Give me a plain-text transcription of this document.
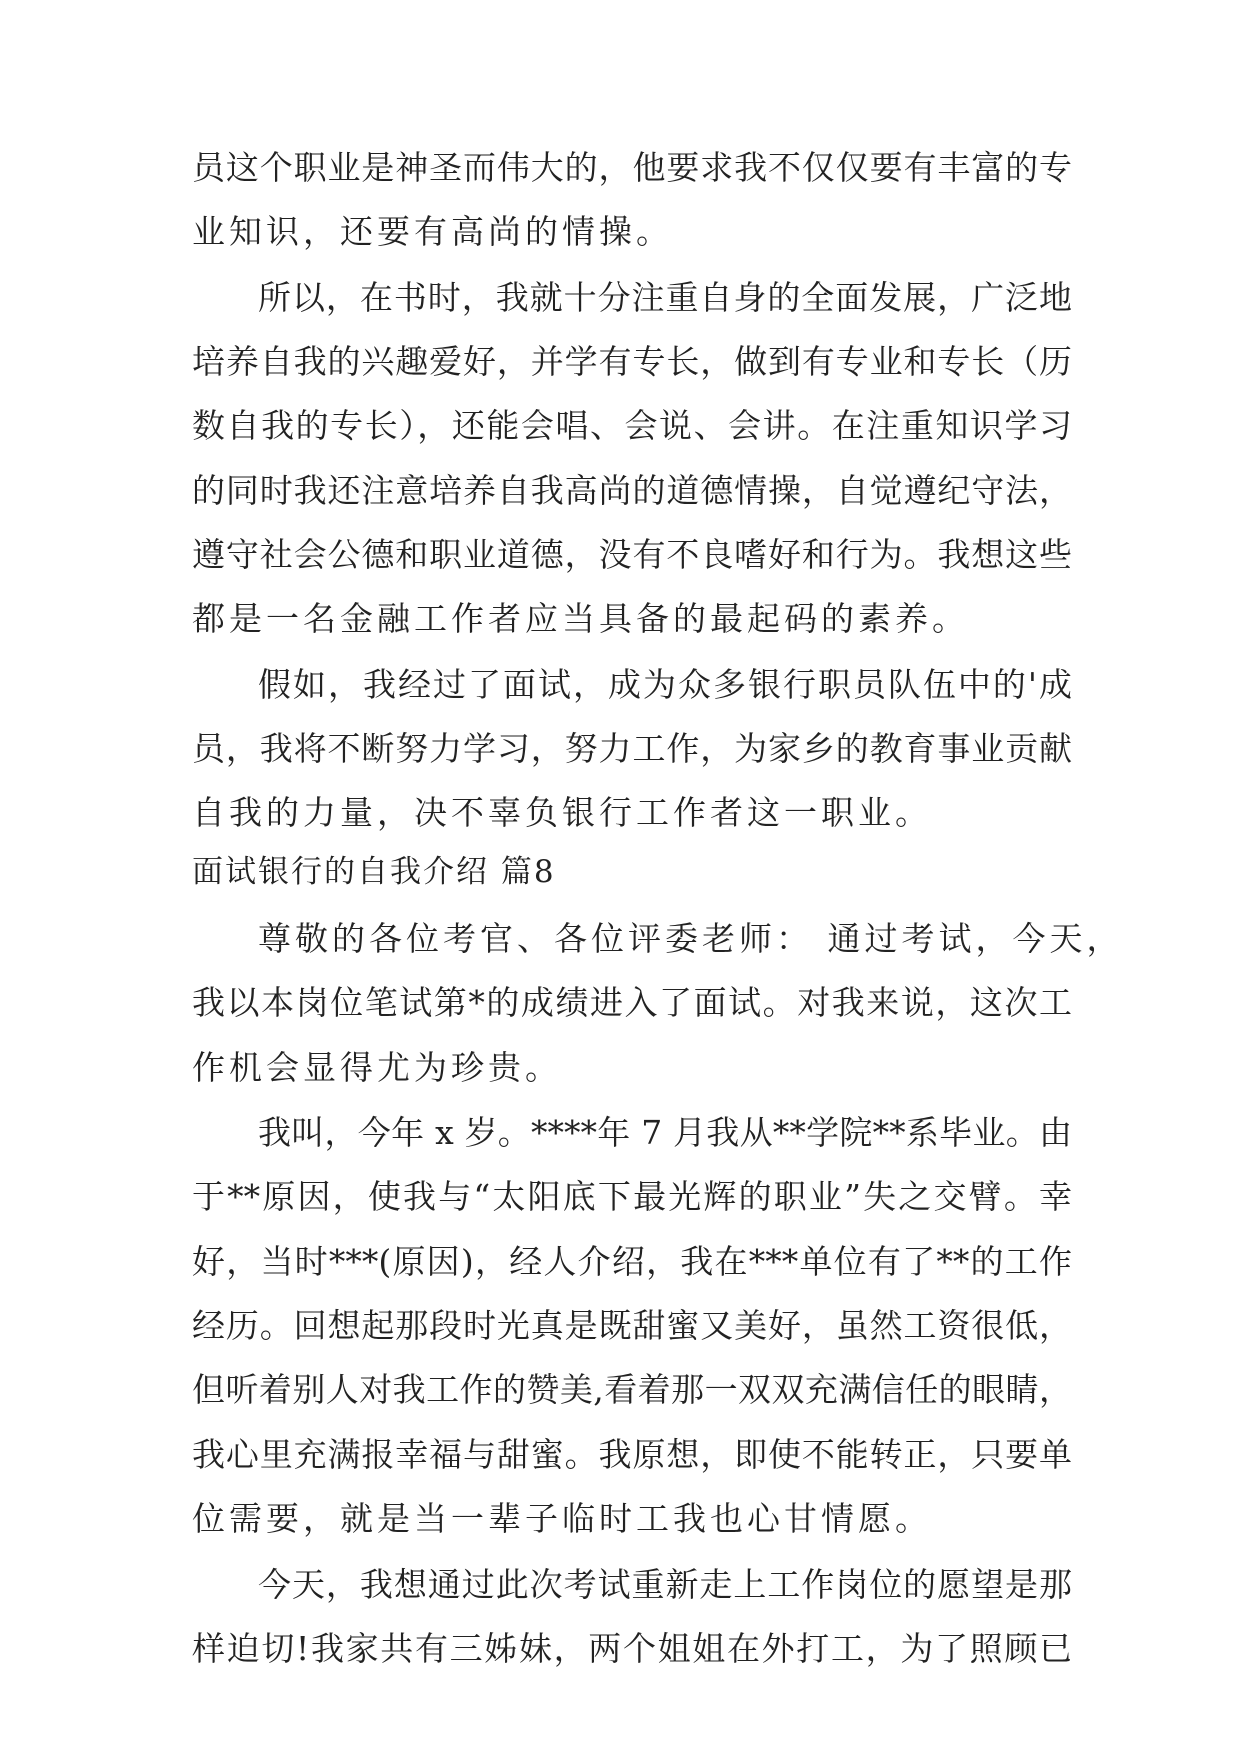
员这个职业是神圣而伟大的，他要求我不仅仅要有丰富的专
业知识，还要有高尚的情操。
所以，在书时，我就十分注重自身的全面发展，广泛地
培养自我的兴趣爱好，并学有专长，做到有专业和专长（历
数自我的专长），还能会唱、会说、会讲。在注重知识学习
的同时我还注意培养自我高尚的道德情操，自觉遵纪守法，
遵守社会公德和职业道德，没有不良嗜好和行为。我想这些
都是一名金融工作者应当具备的最起码的素养。
假如，我经过了面试，成为众多银行职员队伍中的'成
员，我将不断努力学习，努力工作，为家乡的教育事业贡献
自我的力量，决不辜负银行工作者这一职业。
面试银行的自我介绍 篇8
尊敬的各位考官、各位评委老师： 通过考试，今天，
我以本岗位笔试第*的成绩进入了面试。对我来说，这次工
作机会显得尤为珍贵。
我叫，今年 x 岁。****年 7 月我从**学院**系毕业。由
于**原因，使我与“太阳底下最光辉的职业”失之交臂。幸
好，当时***(原因)，经人介绍，我在***单位有了**的工作
经历。回想起那段时光真是既甜蜜又美好，虽然工资很低，
但听着别人对我工作的赞美,看着那一双双充满信任的眼睛，
我心里充满报幸福与甜蜜。我原想，即使不能转正，只要单
位需要，就是当一辈子临时工我也心甘情愿。
今天，我想通过此次考试重新走上工作岗位的愿望是那
样迫切!我家共有三姊妹，两个姐姐在外打工，为了照顾已
